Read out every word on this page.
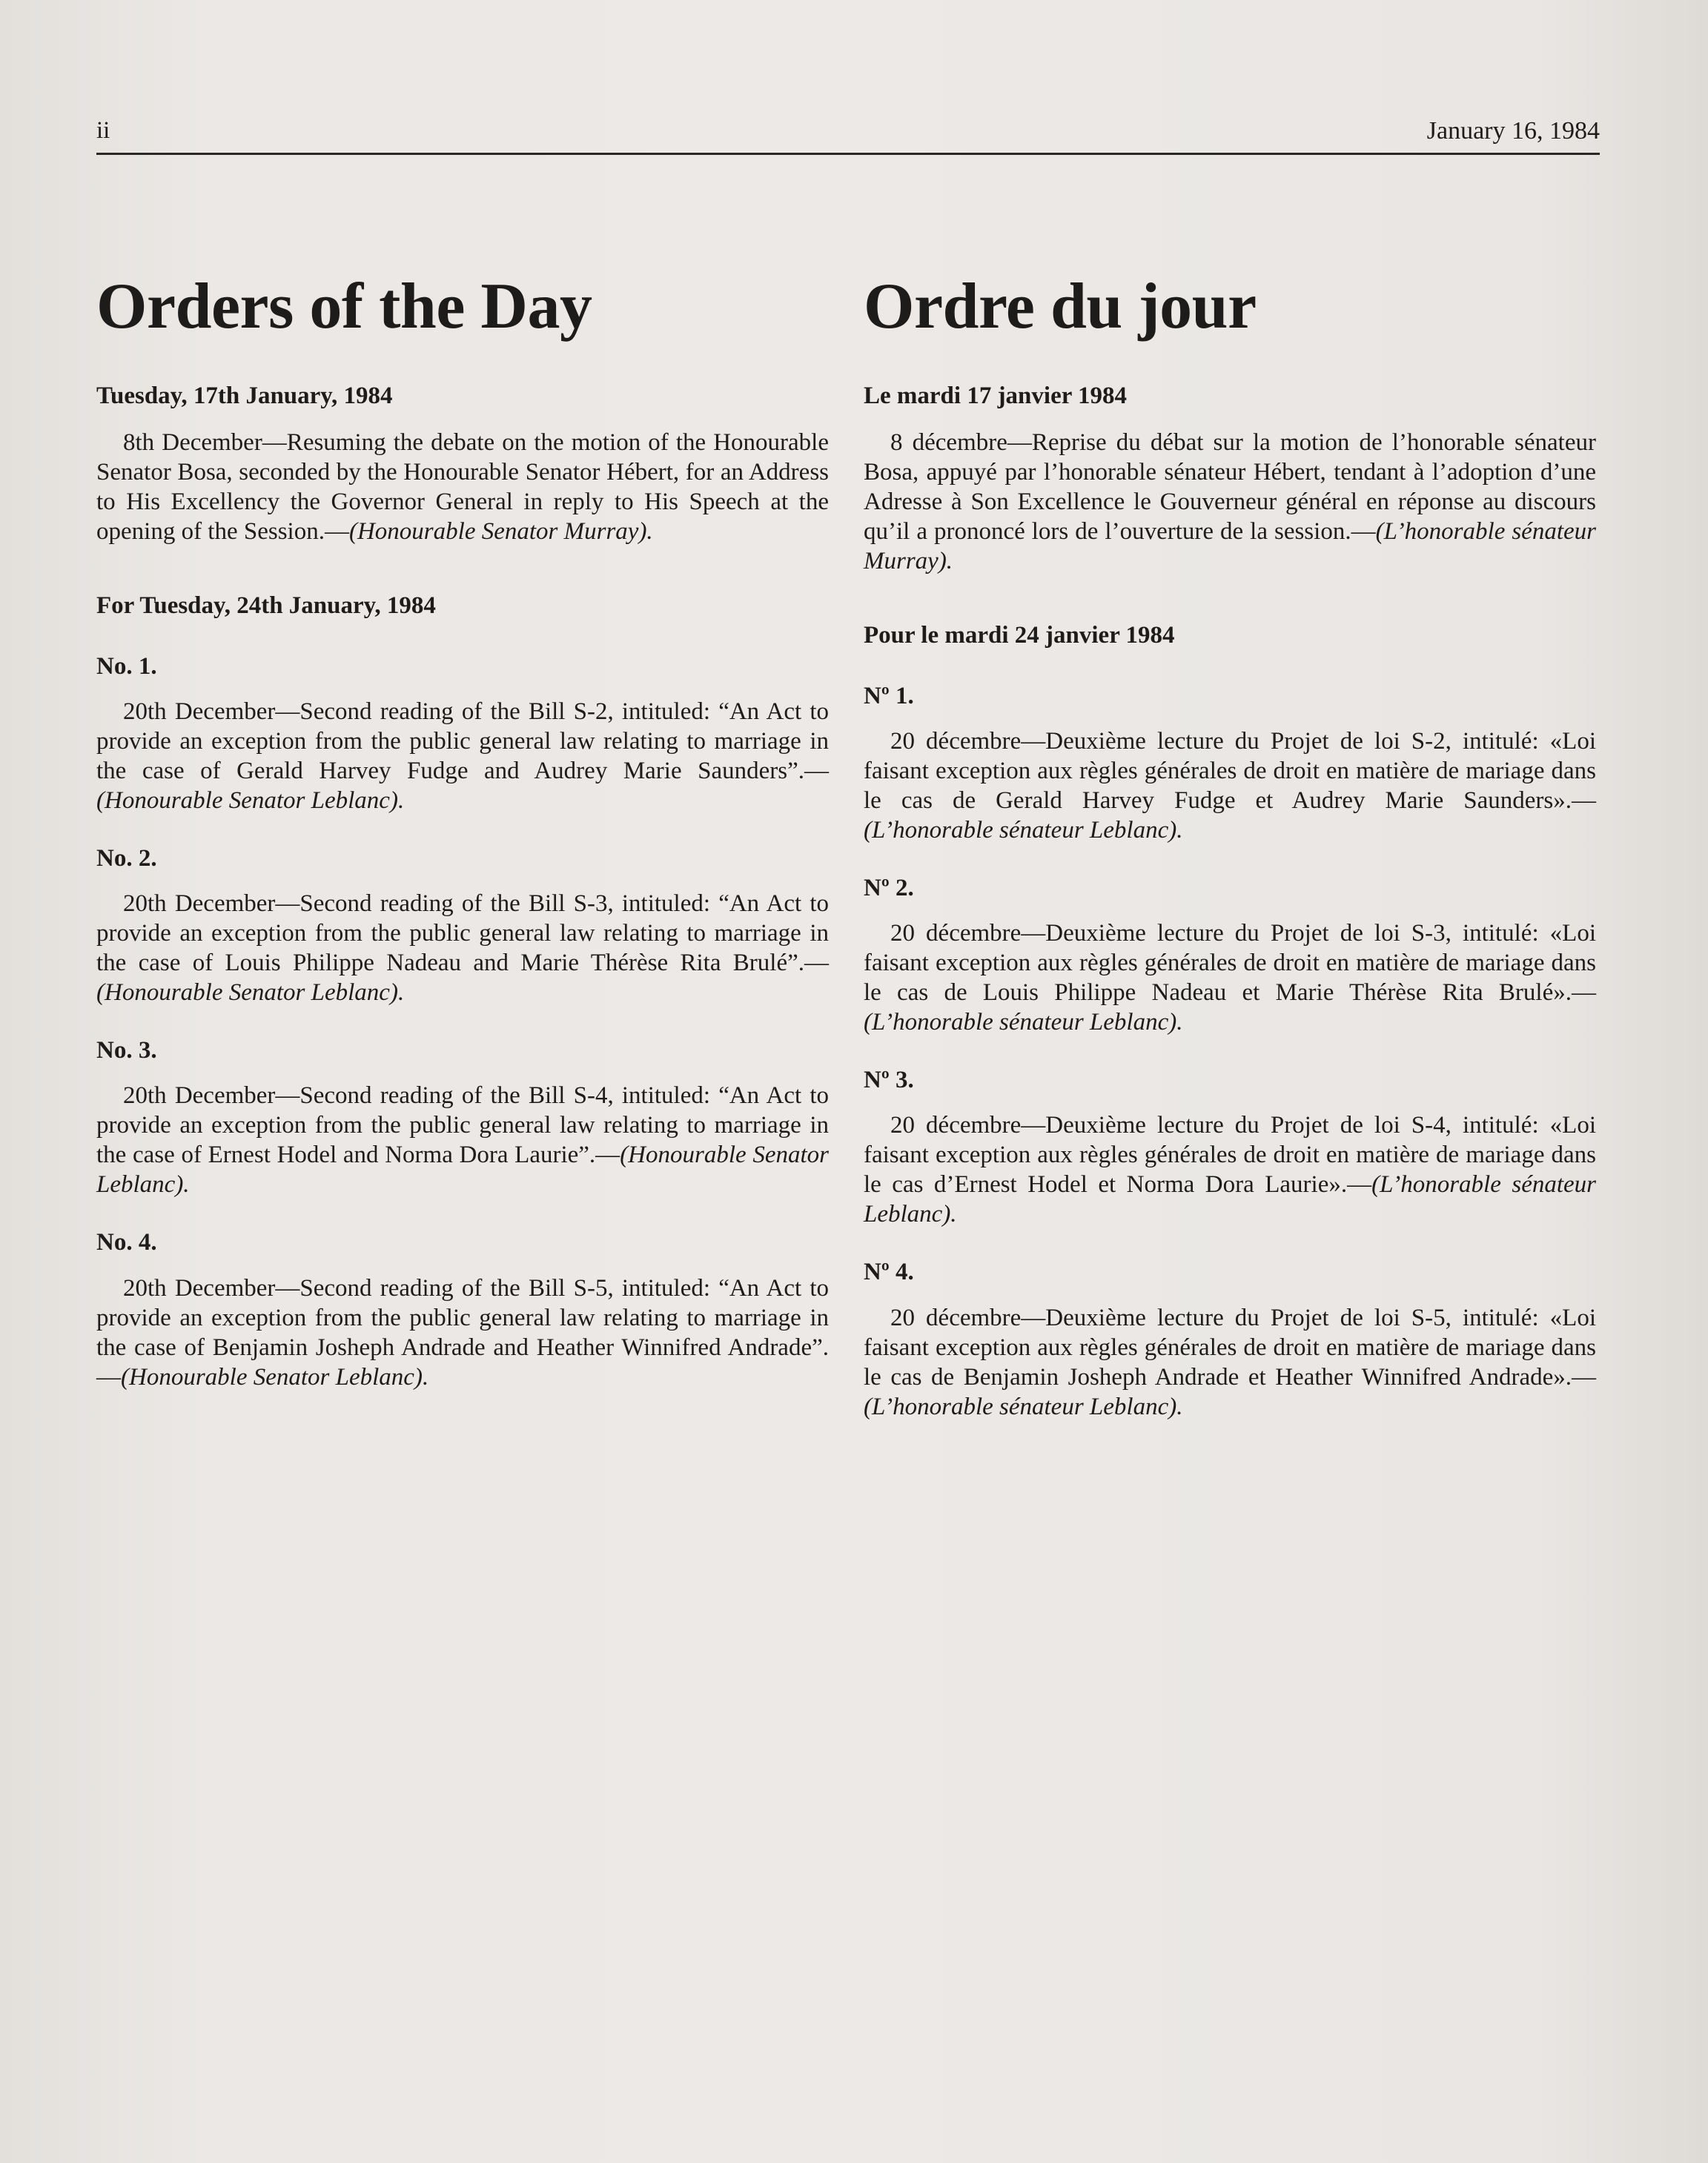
ii	January 16, 1984
Orders of the Day
Tuesday, 17th January, 1984

8th December—Resuming the debate on the motion of the Honourable Senator Bosa, seconded by the Honourable Senator Hébert, for an Address to His Excellency the Governor General in reply to His Speech at the opening of the Session.—(Honourable Senator Murray).

For Tuesday, 24th January, 1984
No. 1.

20th December—Second reading of the Bill S-2, intituled: “An Act to provide an exception from the public general law relating to marriage in the case of Gerald Harvey Fudge and Audrey Marie Saunders”.—(Honourable Senator Leblanc).

No. 2.

20th December—Second reading of the Bill S-3, intituled: “An Act to provide an exception from the public general law relating to marriage in the case of Louis Philippe Nadeau and Marie Thérèse Rita Brulé”.—(Honourable Senator Leblanc).

No. 3.

20th December—Second reading of the Bill S-4, intituled: “An Act to provide an exception from the public general law relating to marriage in the case of Ernest Hodel and Norma Dora Laurie”.—(Honourable Senator Leblanc).

No. 4.

20th December—Second reading of the Bill S-5, intituled: “An Act to provide an exception from the public general law relating to marriage in the case of Benjamin Josheph Andrade and Heather Winnifred Andrade”.—(Honourable Senator Leblanc).

Ordre du jour
Le mardi 17 janvier 1984

8 décembre—Reprise du débat sur la motion de l’honorable sénateur Bosa, appuyé par l’honorable sénateur Hébert, tendant à l’adoption d’une Adresse à Son Excellence le Gouverneur général en réponse au discours qu’il a prononcé lors de l’ouverture de la session.—(L’honorable sénateur Murray).

Pour le mardi 24 janvier 1984
Nº 1.

20 décembre—Deuxième lecture du Projet de loi S-2, intitulé: «Loi faisant exception aux règles générales de droit en matière de mariage dans le cas de Gerald Harvey Fudge et Audrey Marie Saunders».—(L’honorable sénateur Leblanc).

Nº 2.

20 décembre—Deuxième lecture du Projet de loi S-3, intitulé: «Loi faisant exception aux règles générales de droit en matière de mariage dans le cas de Louis Philippe Nadeau et Marie Thérèse Rita Brulé».—(L’honorable sénateur Leblanc).

Nº 3.

20 décembre—Deuxième lecture du Projet de loi S-4, intitulé: «Loi faisant exception aux règles générales de droit en matière de mariage dans le cas d’Ernest Hodel et Norma Dora Laurie».—(L’honorable sénateur Leblanc).

Nº 4.

20 décembre—Deuxième lecture du Projet de loi S-5, intitulé: «Loi faisant exception aux règles générales de droit en matière de mariage dans le cas de Benjamin Josheph Andrade et Heather Winnifred Andrade».—(L’honorable sénateur Leblanc).
